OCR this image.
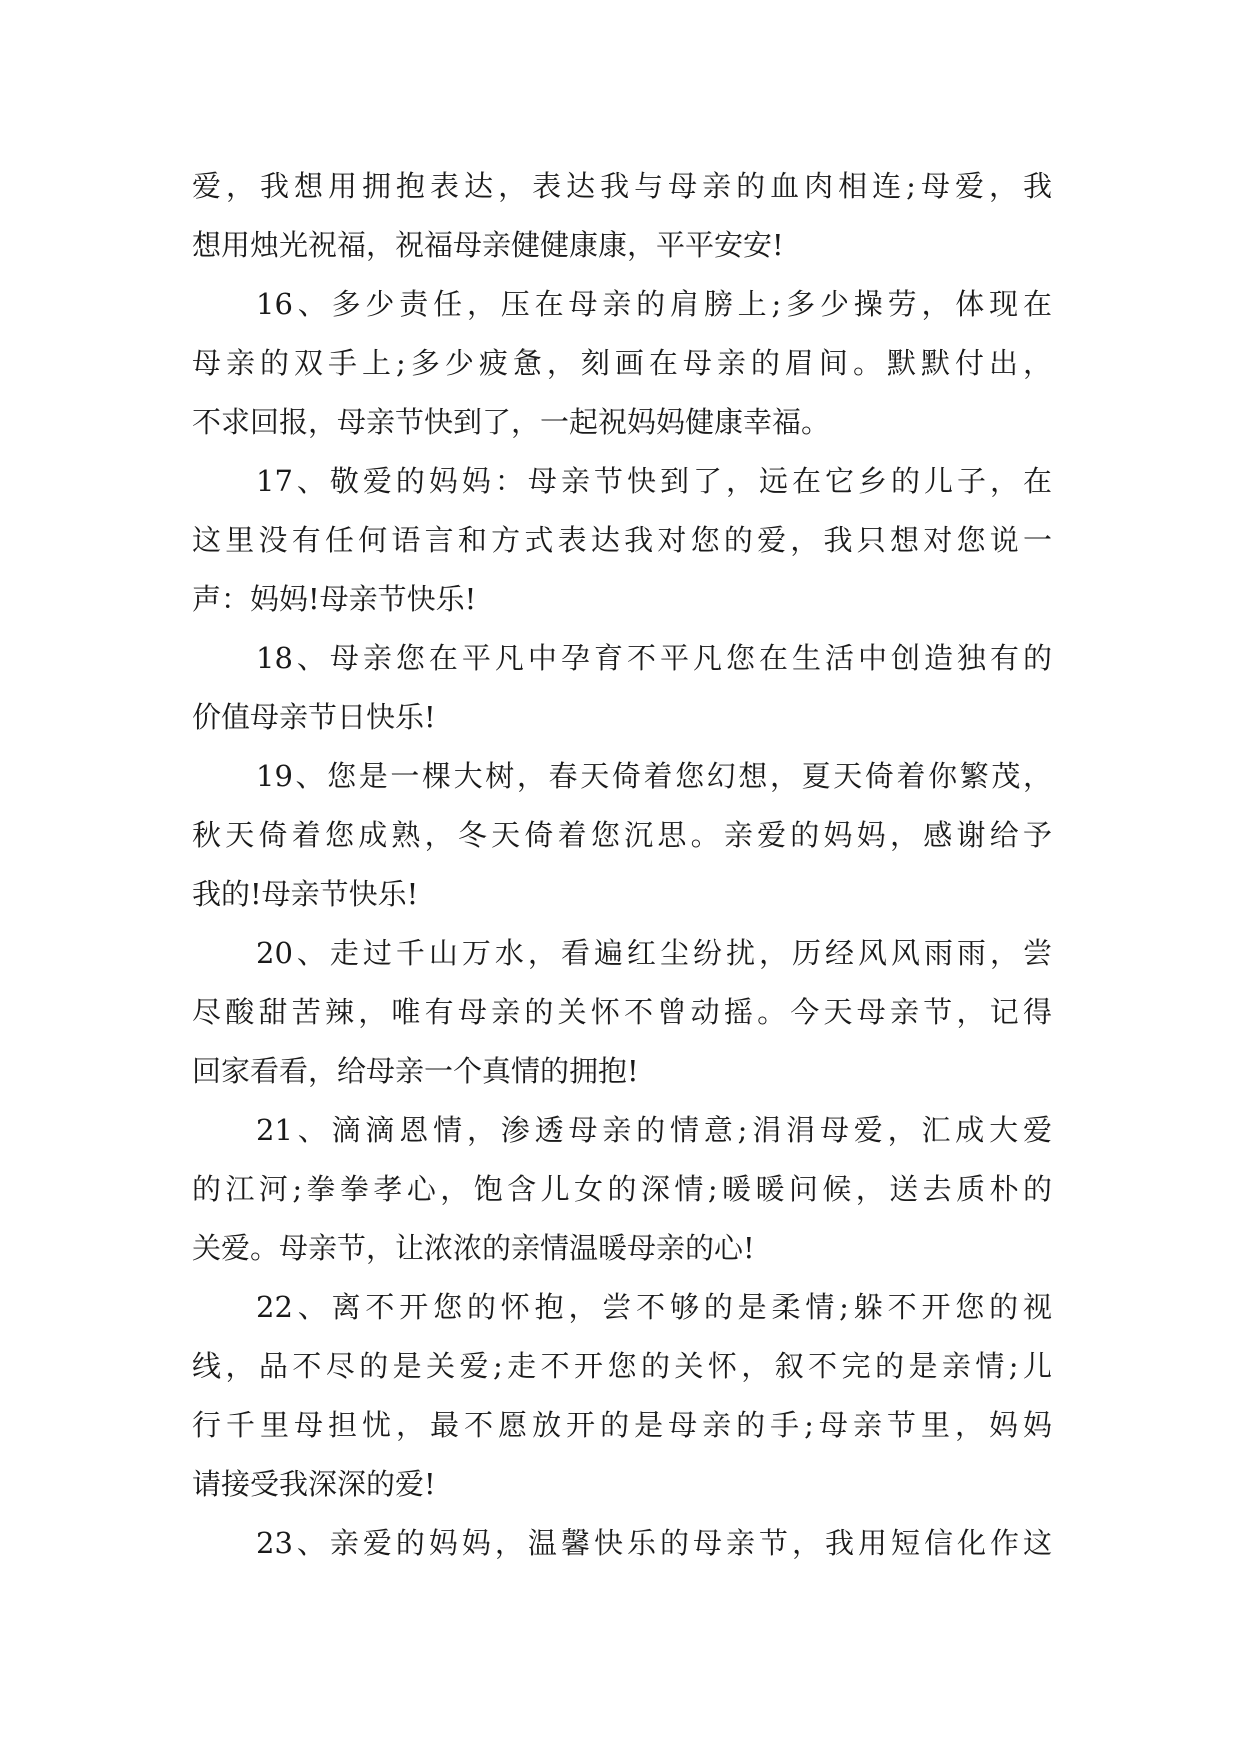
爱，我想用拥抱表达，表达我与母亲的血肉相连;母爱，我
想用烛光祝福，祝福母亲健健康康，平平安安!
16、多少责任，压在母亲的肩膀上;多少操劳，体现在
母亲的双手上;多少疲惫，刻画在母亲的眉间。默默付出，
不求回报，母亲节快到了，一起祝妈妈健康幸福。
17、敬爱的妈妈：母亲节快到了，远在它乡的儿子，在
这里没有任何语言和方式表达我对您的爱，我只想对您说一
声：妈妈!母亲节快乐!
18、母亲您在平凡中孕育不平凡您在生活中创造独有的
价值母亲节日快乐!
19、您是一棵大树，春天倚着您幻想，夏天倚着你繁茂，
秋天倚着您成熟，冬天倚着您沉思。亲爱的妈妈，感谢给予
我的!母亲节快乐!
20、走过千山万水，看遍红尘纷扰，历经风风雨雨，尝
尽酸甜苦辣，唯有母亲的关怀不曾动摇。今天母亲节，记得
回家看看，给母亲一个真情的拥抱!
21、滴滴恩情，渗透母亲的情意;涓涓母爱，汇成大爱
的江河;拳拳孝心，饱含儿女的深情;暖暖问候，送去质朴的
关爱。母亲节，让浓浓的亲情温暖母亲的心!
22、离不开您的怀抱，尝不够的是柔情;躲不开您的视
线，品不尽的是关爱;走不开您的关怀，叙不完的是亲情;儿
行千里母担忧，最不愿放开的是母亲的手;母亲节里，妈妈
请接受我深深的爱!
23、亲爱的妈妈，温馨快乐的母亲节，我用短信化作这
